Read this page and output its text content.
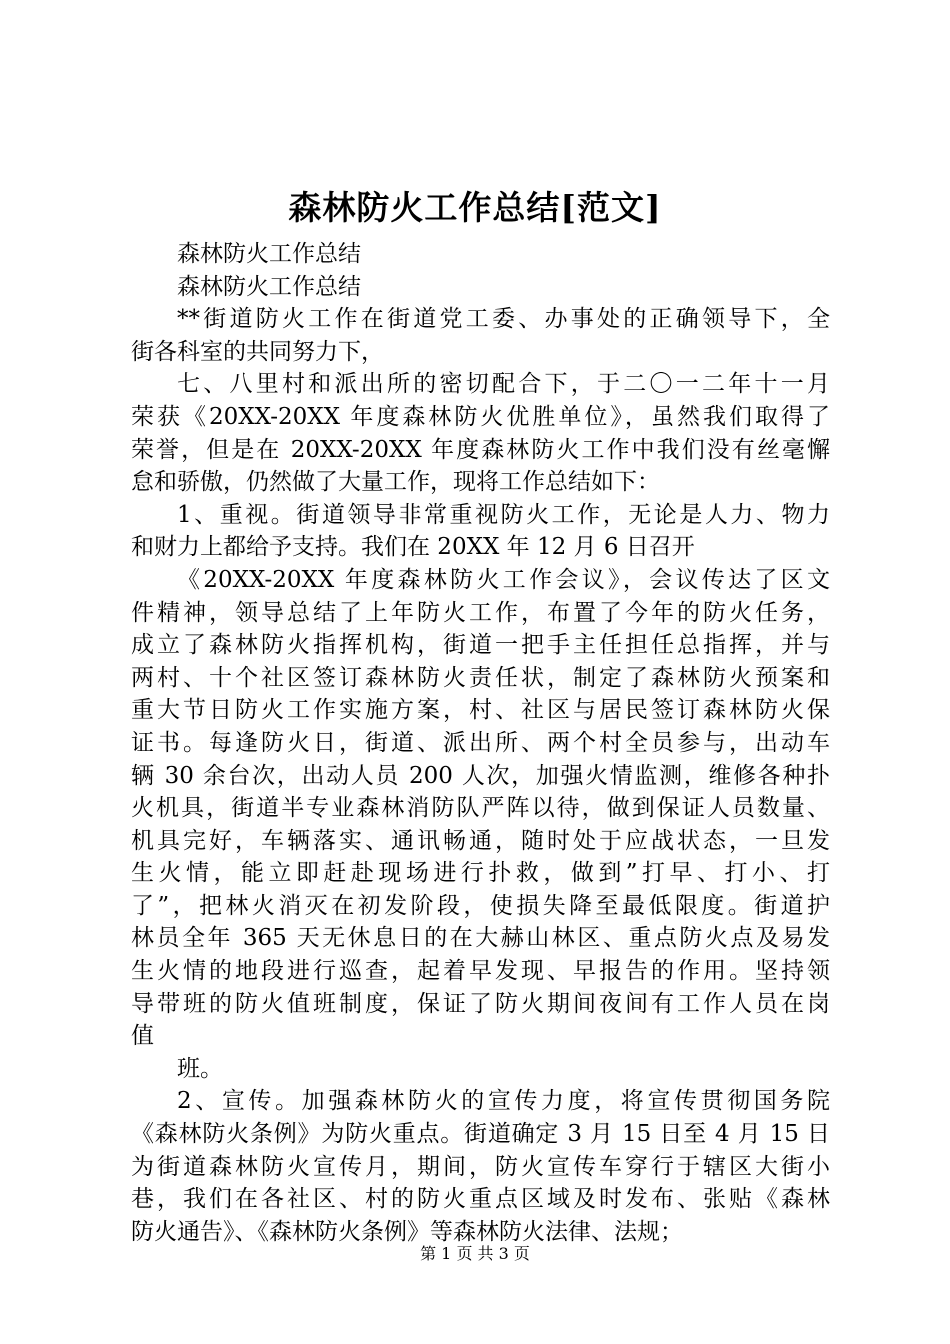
森林防火工作总结[范文]
森林防火工作总结
森林防火工作总结
**街道防火工作在街道党工委、办事处的正确领导下，全
街各科室的共同努力下，
七、八里村和派出所的密切配合下，于二〇一二年十一月
荣获《20XX-20XX 年度森林防火优胜单位》，虽然我们取得了
荣誉，但是在 20XX-20XX 年度森林防火工作中我们没有丝毫懈
怠和骄傲，仍然做了大量工作，现将工作总结如下：
1、重视。街道领导非常重视防火工作，无论是人力、物力
和财力上都给予支持。我们在 20XX 年 12 月 6 日召开
《20XX-20XX 年度森林防火工作会议》，会议传达了区文
件精神，领导总结了上年防火工作，布置了今年的防火任务，
成立了森林防火指挥机构，街道一把手主任担任总指挥，并与
两村、十个社区签订森林防火责任状，制定了森林防火预案和
重大节日防火工作实施方案，村、社区与居民签订森林防火保
证书。每逢防火日，街道、派出所、两个村全员参与，出动车
辆 30 余台次，出动人员 200 人次，加强火情监测，维修各种扑
火机具，街道半专业森林消防队严阵以待，做到保证人员数量、
机具完好，车辆落实、通讯畅通，随时处于应战状态，一旦发
生火情，能立即赶赴现场进行扑救，做到”打早、打小、打
了”，把林火消灭在初发阶段，使损失降至最低限度。街道护
林员全年 365 天无休息日的在大赫山林区、重点防火点及易发
生火情的地段进行巡查，起着早发现、早报告的作用。坚持领
导带班的防火值班制度，保证了防火期间夜间有工作人员在岗
值
班。
2、宣传。加强森林防火的宣传力度，将宣传贯彻国务院
《森林防火条例》为防火重点。街道确定 3 月 15 日至 4 月 15 日
为街道森林防火宣传月，期间，防火宣传车穿行于辖区大街小
巷，我们在各社区、村的防火重点区域及时发布、张贴《森林
防火通告》、《森林防火条例》等森林防火法律、法规；
第 1 页 共 3 页
